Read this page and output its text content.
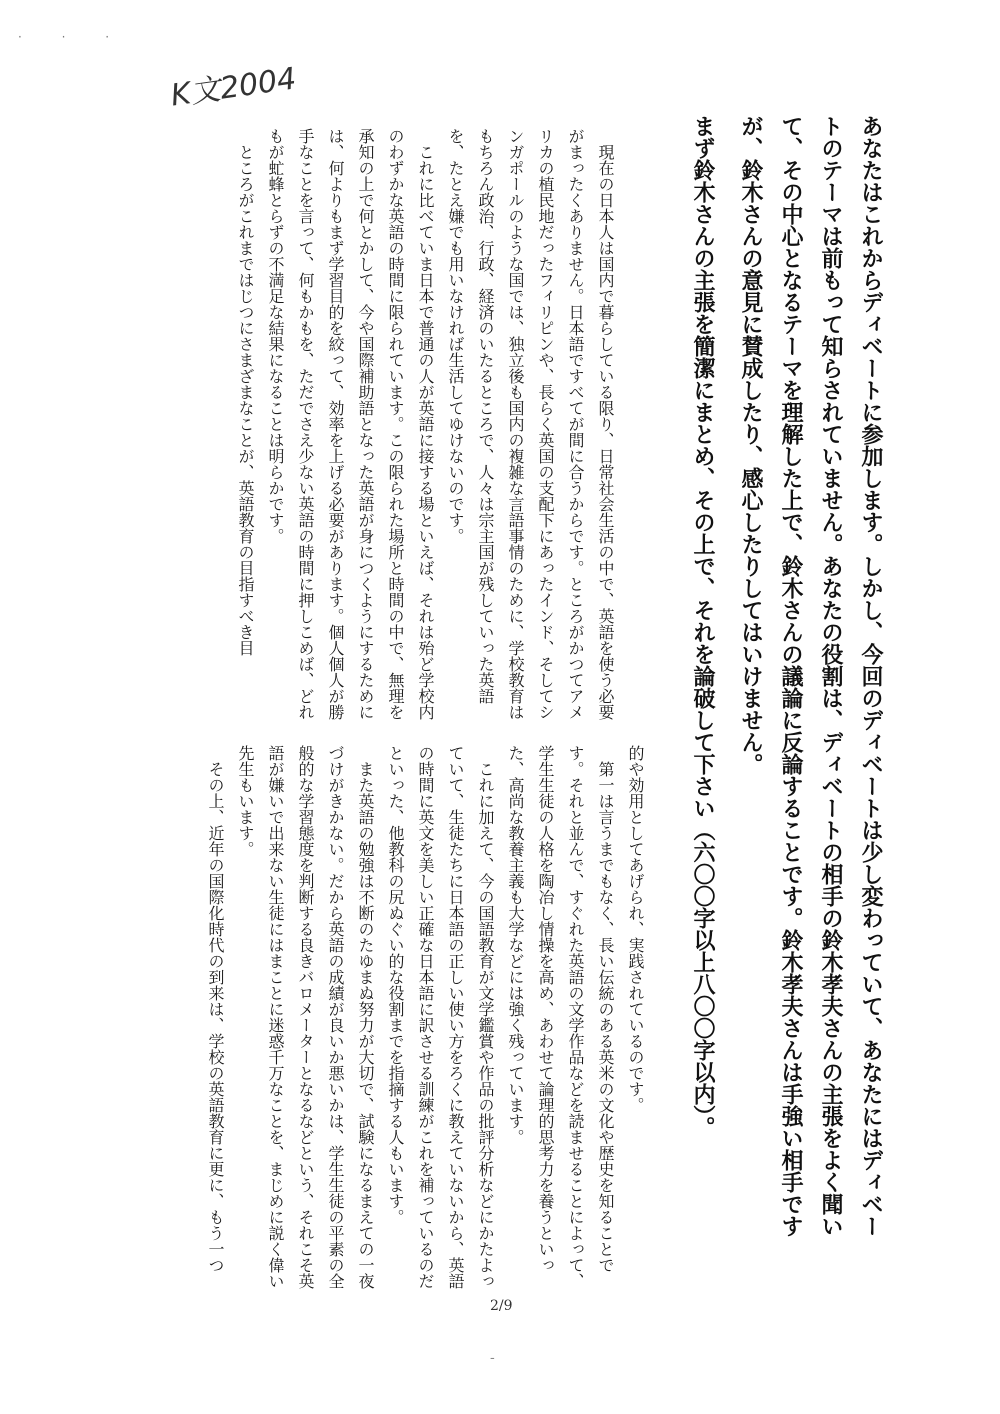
· · ·
K文2004

あなたはこれからディベートに参加します。しかし、今回のディベートは少し変わっていて、あなたにはディベートのテーマは前もって知らされていません。あなたの役割は、ディベートの相手の鈴木孝夫さんの主張をよく聞いて、その中心となるテーマを理解した上で、鈴木さんの議論に反論することです。鈴木孝夫さんは手強い相手ですが、鈴木さんの意見に賛成したり、感心したりしてはいけません。

まず鈴木さんの主張を簡潔にまとめ、その上で、それを論破して下さい（六〇〇字以上八〇〇字以内）。

現在の日本人は国内で暮らしている限り、日常社会生活の中で、英語を使う必要がまったくありません。日本語ですべてが間に合うからです。ところがかつてアメリカの植民地だったフィリピンや、長らく英国の支配下にあったインド、そしてシンガポールのような国では、独立後も国内の複雑な言語事情のために、学校教育はもちろん政治、行政、経済のいたるところで、人々は宗主国が残していった英語を、たとえ嫌でも用いなければ生活してゆけないのです。

これに比べていま日本で普通の人が英語に接する場といえば、それは殆ど学校内のわずかな英語の時間に限られています。この限られた場所と時間の中で、無理を承知の上で何とかして、今や国際補助語となった英語が身につくようにするためには、何よりもまず学習目的を絞って、効率を上げる必要があります。個人個人が勝手なことを言って、何もかもを、ただでさえ少ない英語の時間に押しこめば、どれもが虻蜂とらずの不満足な結果になることは明らかです。

ところがこれまではじつにさまざまなことが、英語教育の目指すべき目

的や効用としてあげられ、実践されているのです。

第一は言うまでもなく、長い伝統のある英米の文化や歴史を知ることです。それと並んで、すぐれた英語の文学作品などを読ませることによって、学生生徒の人格を陶冶し情操を高め、あわせて論理的思考力を養うといった、高尚な教養主義も大学などには強く残っています。

これに加えて、今の国語教育が文学鑑賞や作品の批評分析などにかたよっていて、生徒たちに日本語の正しい使い方をろくに教えていないから、英語の時間に英文を美しい正確な日本語に訳させる訓練がこれを補っているのだといった、他教科の尻ぬぐい的な役割までを指摘する人もいます。

また英語の勉強は不断のたゆまぬ努力が大切で、試験になるまえての一夜づけがきかない。だから英語の成績が良いか悪いかは、学生生徒の平素の全般的な学習態度を判断する良きバロメーターとなるなどという、それこそ英語が嫌いで出来ない生徒にはまことに迷惑千万なことを、まじめに説く偉い先生もいます。

その上、近年の国際化時代の到来は、学校の英語教育に更に、もう一つ

2/9
-
